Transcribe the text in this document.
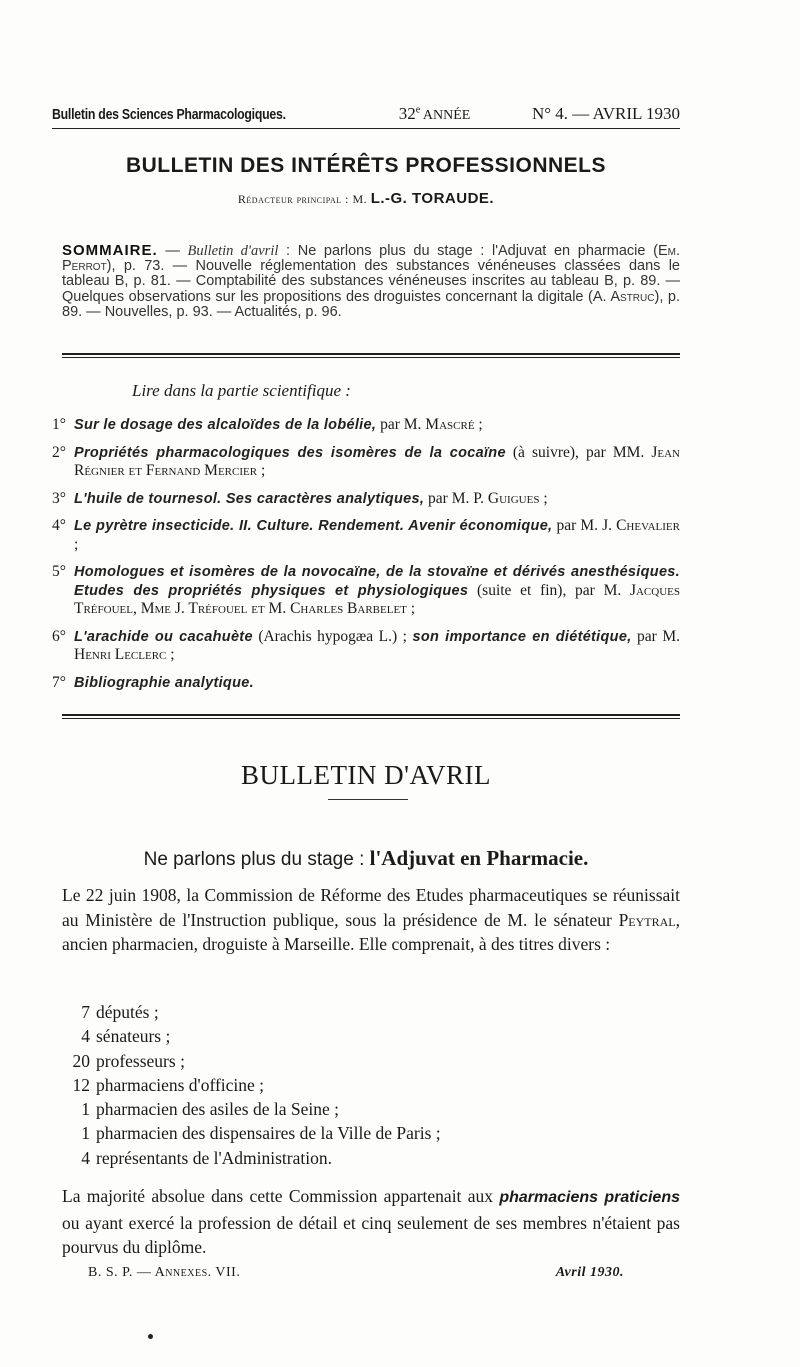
Bulletin des Sciences Pharmacologiques.	32e ANNÉE	N° 4. — AVRIL 1930
BULLETIN DES INTÉRÊTS PROFESSIONNELS
Rédacteur principal : M. L.-G. TORAUDE.
SOMMAIRE. — Bulletin d'avril : Ne parlons plus du stage : l'Adjuvat en pharmacie (Em. Perrot), p. 73. — Nouvelle réglementation des substances vénéneuses classées dans le tableau B, p. 81. — Comptabilité des substances vénéneuses inscrites au tableau B, p. 89. — Quelques observations sur les propositions des droguistes concernant la digitale (A. Astruc), p. 89. — Nouvelles, p. 93. — Actualités, p. 96.
Lire dans la partie scientifique :
1° Sur le dosage des alcaloïdes de la lobélie, par M. Mascré ;
2° Propriétés pharmacologiques des isomères de la cocaïne (à suivre), par MM. Jean Régnier et Fernand Mercier ;
3° L'huile de tournesol. Ses caractères analytiques, par M. P. Guigues ;
4° Le pyrètre insecticide. II. Culture. Rendement. Avenir économique, par M. J. Chevalier ;
5° Homologues et isomères de la novocaïne, de la stovaïne et dérivés anesthésiques. Etudes des propriétés physiques et physiologiques (suite et fin), par M. Jacques Tréfouel, Mme J. Tréfouel et M. Charles Barbelet ;
6° L'arachide ou cacahuète (Arachis hypogæa L.) ; son importance en diététique, par M. Henri Leclerc ;
7° Bibliographie analytique.
BULLETIN D'AVRIL
Ne parlons plus du stage : l'Adjuvat en Pharmacie.
Le 22 juin 1908, la Commission de Réforme des Etudes pharmaceutiques se réunissait au Ministère de l'Instruction publique, sous la présidence de M. le sénateur Peytral, ancien pharmacien, droguiste à Marseille. Elle comprenait, à des titres divers :
7 députés ;
4 sénateurs ;
20 professeurs ;
12 pharmaciens d'officine ;
1 pharmacien des asiles de la Seine ;
1 pharmacien des dispensaires de la Ville de Paris ;
4 représentants de l'Administration.
La majorité absolue dans cette Commission appartenait aux pharmaciens praticiens ou ayant exercé la profession de détail et cinq seulement de ses membres n'étaient pas pourvus du diplôme.
B. S. P. — Annexes. VII.	Avril 1930.
